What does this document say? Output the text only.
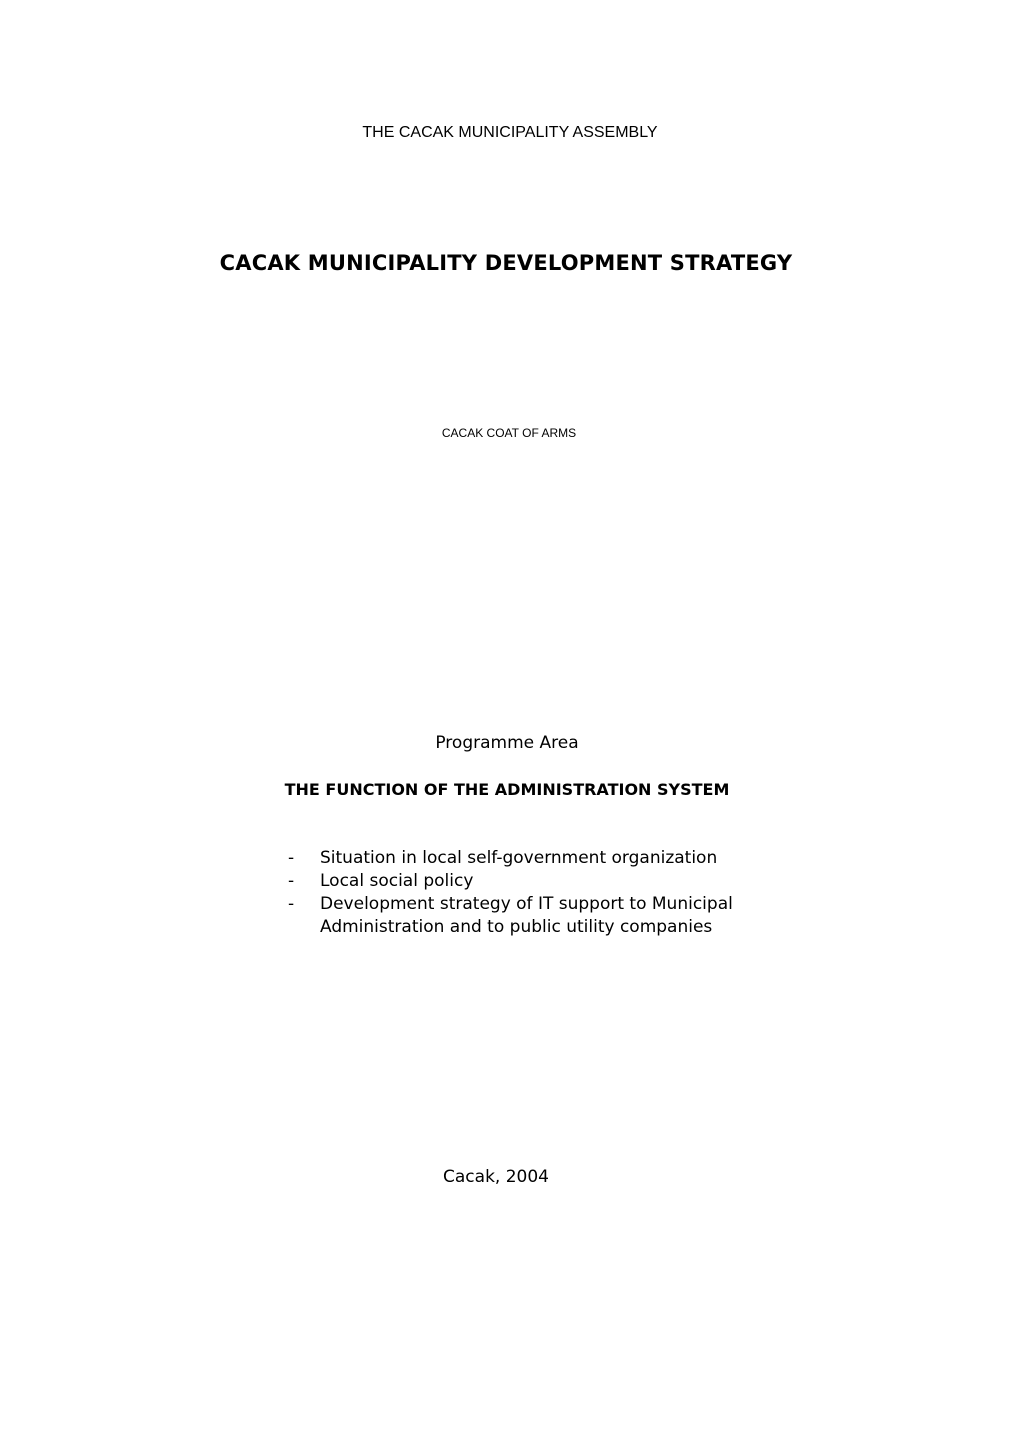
THE CACAK MUNICIPALITY ASSEMBLY
CACAK MUNICIPALITY DEVELOPMENT STRATEGY
CACAK COAT OF ARMS
Programme Area
THE FUNCTION OF THE ADMINISTRATION SYSTEM
- Situation in local self-government organization
- Local social policy
- Development strategy of IT support to Municipal Administration and to public utility companies
Cacak, 2004
